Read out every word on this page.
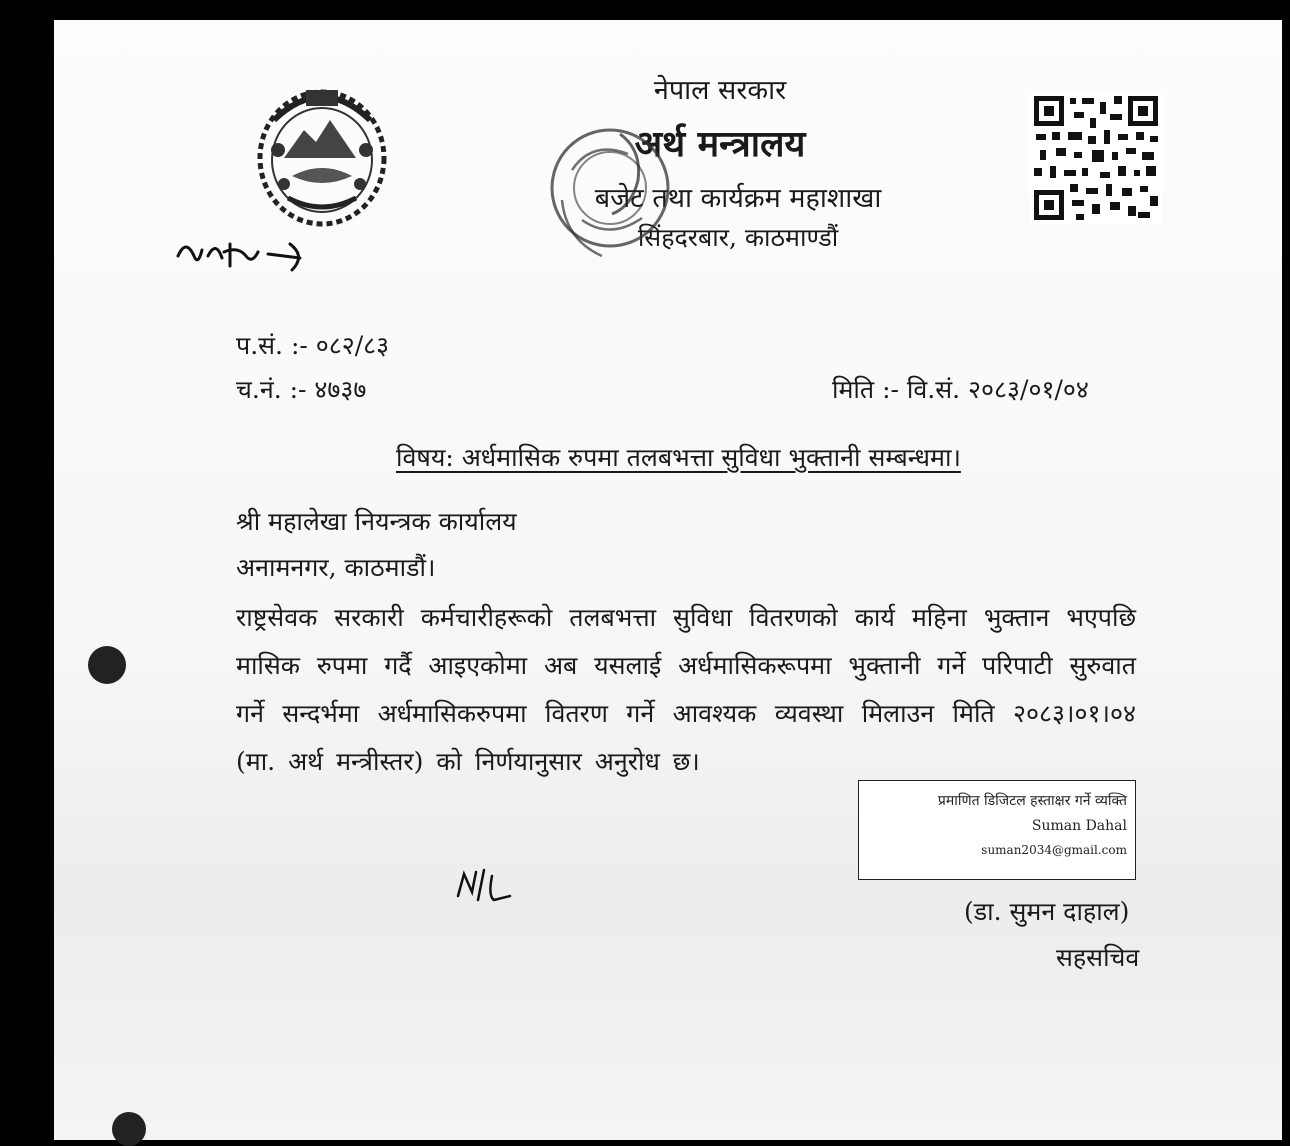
परिपत्र
नेपाल सरकार
अर्थ मन्त्रालय
बजेट तथा कार्यक्रम महाशाखा
सिंहदरबार, काठमाण्डौं
प.सं. :- ०८२/८३
च.नं. :- ४७३७	मिति :- वि.सं. २०८३/०१/०४
विषय: अर्धमासिक रुपमा तलबभत्ता सुविधा भुक्तानी सम्बन्धमा।
श्री महालेखा नियन्त्रक कार्यालय
अनामनगर, काठमाडौं।
राष्ट्रसेवक सरकारी कर्मचारीहरूको तलबभत्ता सुविधा वितरणको कार्य महिना भुक्तान भएपछि मासिक रुपमा गर्दै आइएकोमा अब यसलाई अर्धमासिकरूपमा भुक्तानी गर्ने परिपाटी सुरुवात गर्ने सन्दर्भमा अर्धमासिकरुपमा वितरण गर्ने आवश्यक व्यवस्था मिलाउन मिति २०८३।०१।०४ (मा. अर्थ मन्त्रीस्तर) को निर्णयानुसार अनुरोध छ।
प्रमाणित डिजिटल हस्ताक्षर गर्ने व्यक्ति
Suman Dahal
suman2034@gmail.com
(डा. सुमन दाहाल)
सहसचिव
